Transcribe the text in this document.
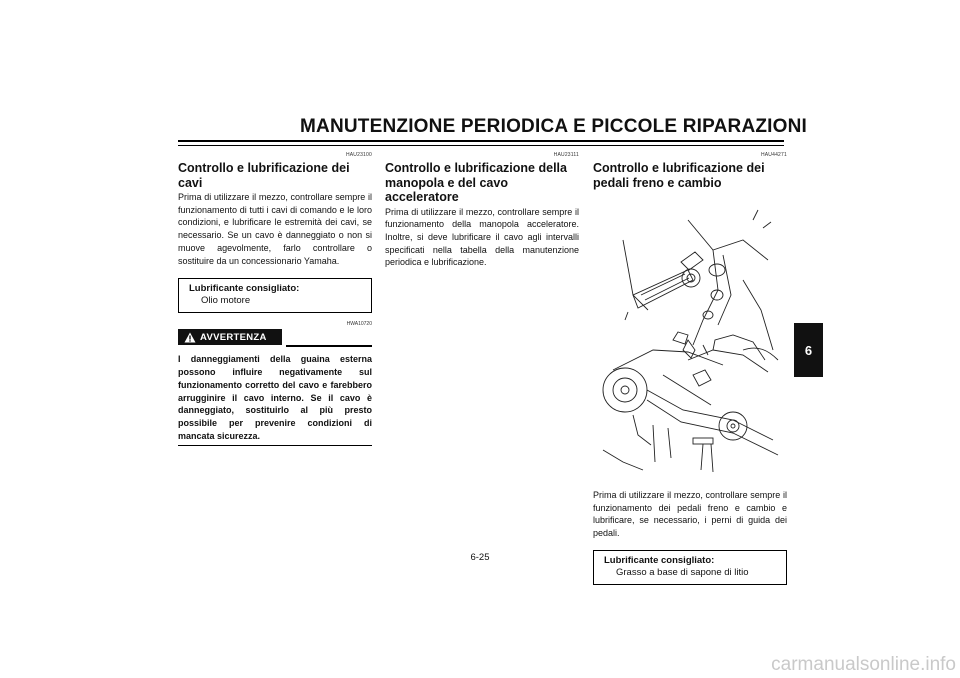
MANUTENZIONE PERIODICA E PICCOLE RIPARAZIONI
HAU23100
Controllo e lubrificazione dei cavi
Prima di utilizzare il mezzo, controllare sempre il funzionamento di tutti i cavi di comando e le loro condizioni, e lubrificare le estremità dei cavi, se necessario. Se un cavo è danneggiato o non si muove agevolmente, farlo controllare o sostituire da un concessionario Yamaha.
Lubrificante consigliato:
Olio motore
HWA10720
AVVERTENZA
I danneggiamenti della guaina esterna possono influire negativamente sul funzionamento corretto del cavo e farebbero arrugginire il cavo interno. Se il cavo è danneggiato, sostituirlo al più presto possibile per prevenire condizioni di mancata sicurezza.
HAU23111
Controllo e lubrificazione della manopola e del cavo acceleratore
Prima di utilizzare il mezzo, controllare sempre il funzionamento della manopola acceleratore. Inoltre, si deve lubrificare il cavo agli intervalli specificati nella tabella della manutenzione periodica e lubrificazione.
HAU44271
Controllo e lubrificazione dei pedali freno e cambio
Prima di utilizzare il mezzo, controllare sempre il funzionamento dei pedali freno e cambio e lubrificare, se necessario, i perni di guida dei pedali.
Lubrificante consigliato:
Grasso a base di sapone di litio
6
6-25
carmanualsonline.info
